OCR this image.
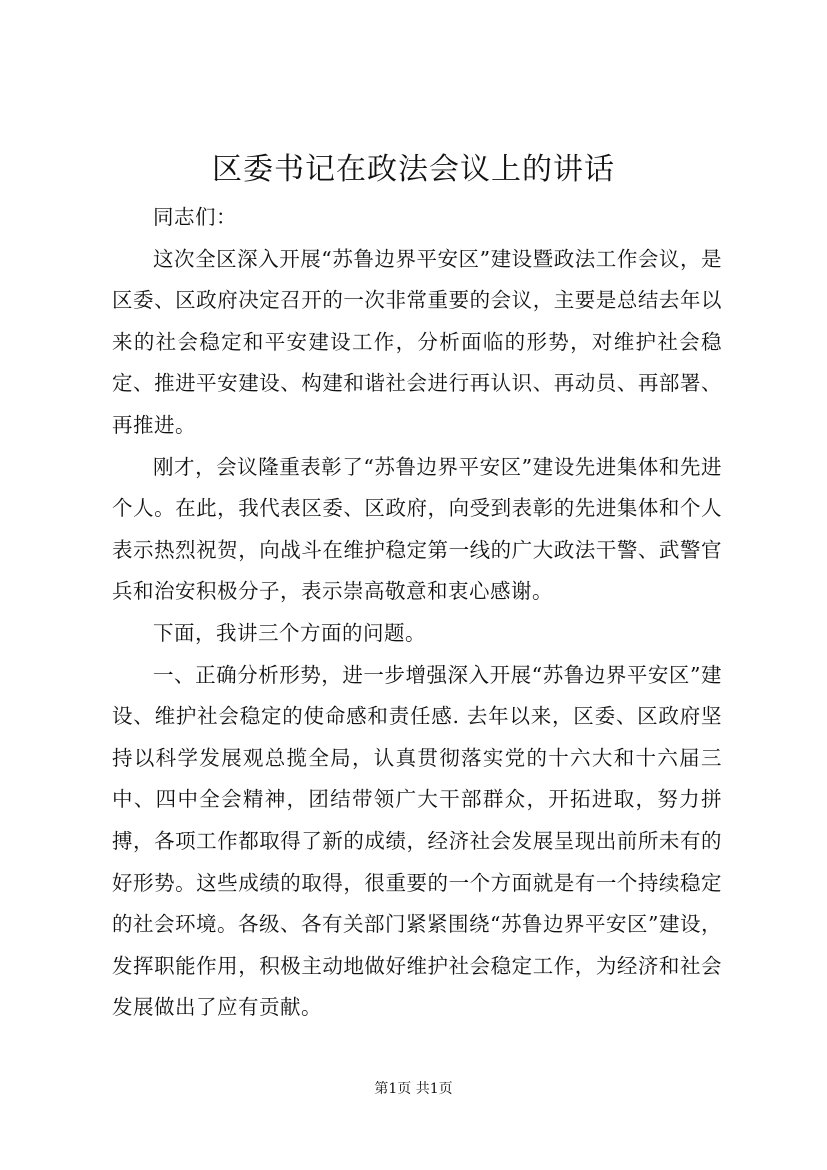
区委书记在政法会议上的讲话

同志们：

这次全区深入开展“苏鲁边界平安区”建设暨政法工作会议，是区委、区政府决定召开的一次非常重要的会议，主要是总结去年以来的社会稳定和平安建设工作，分析面临的形势，对维护社会稳定、推进平安建设、构建和谐社会进行再认识、再动员、再部署、再推进。

刚才，会议隆重表彰了“苏鲁边界平安区”建设先进集体和先进个人。在此，我代表区委、区政府，向受到表彰的先进集体和个人表示热烈祝贺，向战斗在维护稳定第一线的广大政法干警、武警官兵和治安积极分子，表示崇高敬意和衷心感谢。

下面，我讲三个方面的问题。

一、正确分析形势，进一步增强深入开展“苏鲁边界平安区”建设、维护社会稳定的使命感和责任感. 去年以来，区委、区政府坚持以科学发展观总揽全局，认真贯彻落实党的十六大和十六届三中、四中全会精神，团结带领广大干部群众，开拓进取，努力拼搏，各项工作都取得了新的成绩，经济社会发展呈现出前所未有的好形势。这些成绩的取得，很重要的一个方面就是有一个持续稳定的社会环境。各级、各有关部门紧紧围绕“苏鲁边界平安区”建设，发挥职能作用，积极主动地做好维护社会稳定工作，为经济和社会发展做出了应有贡献。

第1页 共1页
